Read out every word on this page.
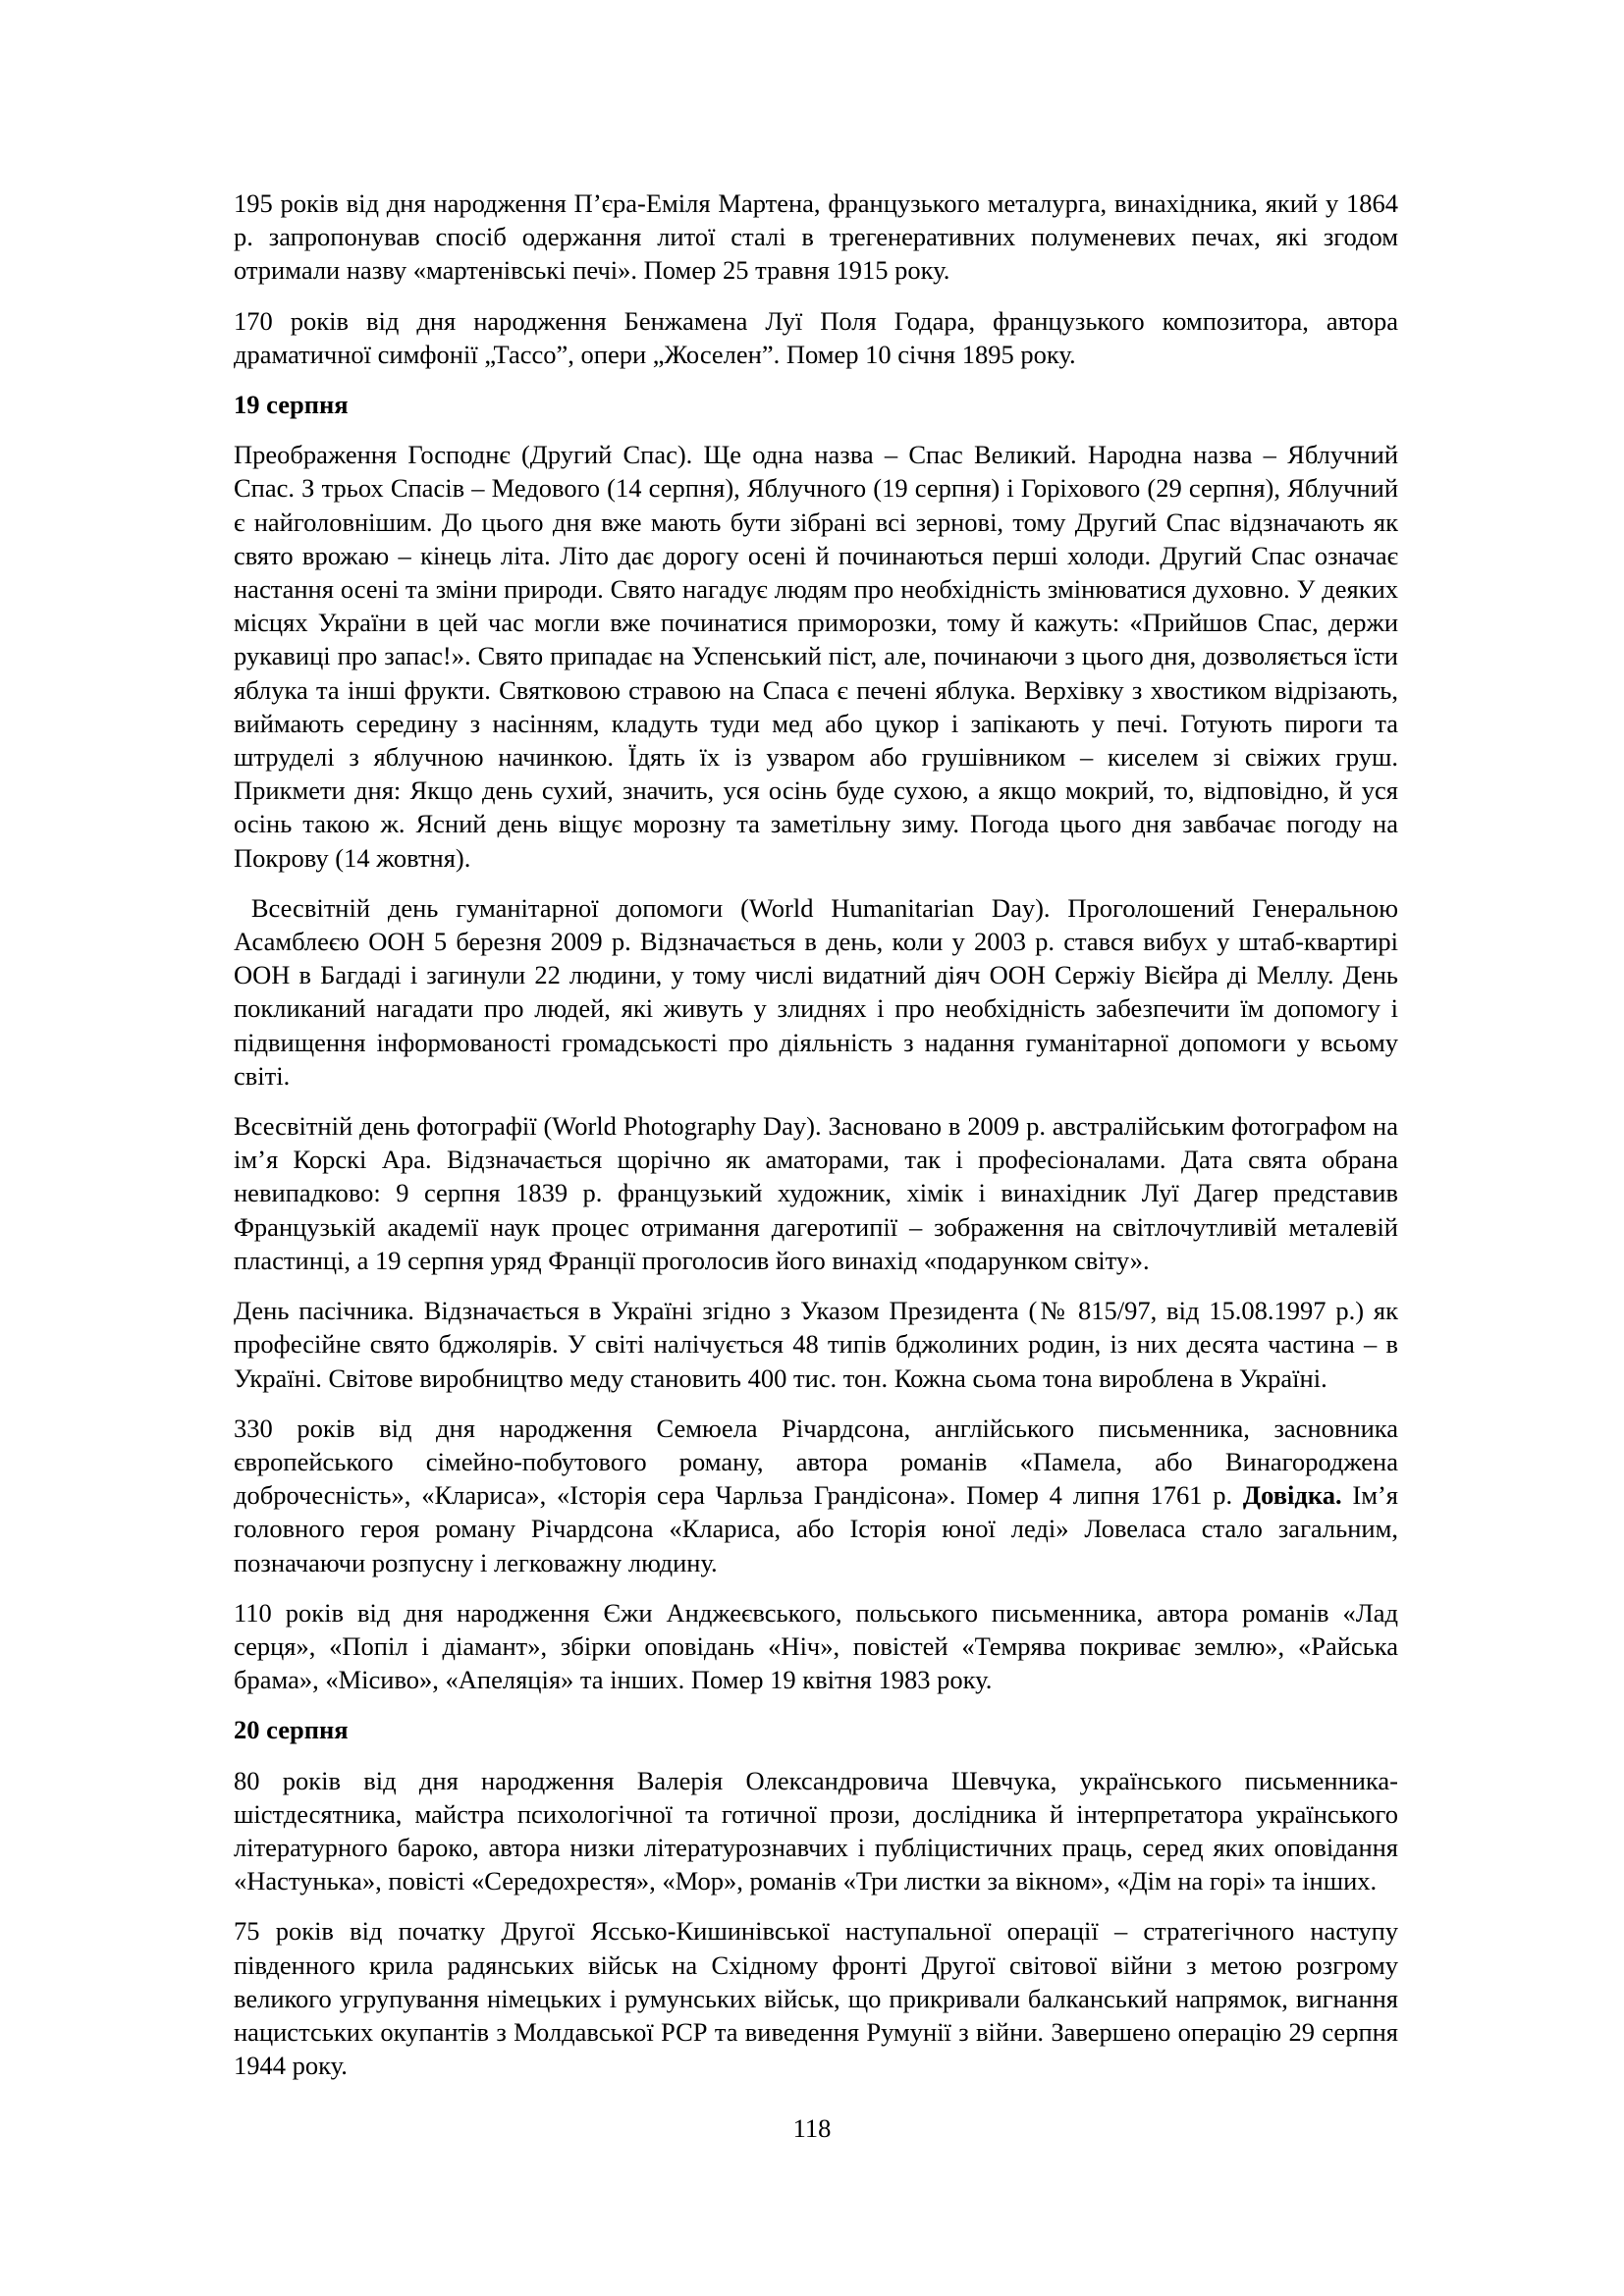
195 років від дня народження П’єра-Еміля Мартена, французького металурга, винахідника, який у 1864 р. запропонував спосіб одержання литої сталі в трегенеративних полуменевих печах, які згодом отримали назву «мартенівські печі». Помер 25 травня 1915 року.

170 років від дня народження Бенжамена Луї Поля Годара, французького композитора, автора драматичної симфонії „Тассо”, опери „Жоселен”. Помер 10 січня 1895 року.

19 серпня

Преображення Господнє (Другий Спас). Ще одна назва – Спас Великий. Народна назва – Яблучний Спас. З трьох Спасів – Медового (14 серпня), Яблучного (19 серпня) і Горіхового (29 серпня), Яблучний є найголовнішим. До цього дня вже мають бути зібрані всі зернові, тому Другий Спас відзначають як свято врожаю – кінець літа. Літо дає дорогу осені й починаються перші холоди. Другий Спас означає настання осені та зміни природи. Свято нагадує людям про необхідність змінюватися духовно. У деяких місцях України в цей час могли вже починатися приморозки, тому й кажуть: «Прийшов Спас, держи рукавиці про запас!». Свято припадає на Успенський піст, але, починаючи з цього дня, дозволяється їсти яблука та інші фрукти. Святковою стравою на Спаса є печені яблука. Верхівку з хвостиком відрізають, виймають середину з насінням, кладуть туди мед або цукор і запікають у печі. Готують пироги та штруделі з яблучною начинкою. Їдять їх із узваром або грушівником – киселем зі свіжих груш. Прикмети дня: Якщо день сухий, значить, уся осінь буде сухою, а якщо мокрий, то, відповідно, й уся осінь такою ж. Ясний день віщує морозну та заметільну зиму. Погода цього дня завбачає погоду на Покрову (14 жовтня).

Всесвітній день гуманітарної допомоги (World Humanitarian Day). Проголошений Генеральною Асамблеєю ООН 5 березня 2009 р. Відзначається в день, коли у 2003 р. стався вибух у штаб-квартирі ООН в Багдаді і загинули 22 людини, у тому числі видатний діяч ООН Сержіу Вієйра ді Меллу. День покликаний нагадати про людей, які живуть у злиднях і про необхідність забезпечити їм допомогу і підвищення інформованості громадськості про діяльність з надання гуманітарної допомоги у всьому світі.

Всесвітній день фотографії (World Photography Day). Засновано в 2009 р. австралійським фотографом на ім’я Корскі Ара. Відзначається щорічно як аматорами, так і професіоналами. Дата свята обрана невипадково: 9 серпня 1839 р. французький художник, хімік і винахідник Луї Дагер представив Французькій академії наук процес отримання дагеротипії – зображення на світлочутливій металевій пластинці, а 19 серпня уряд Франції проголосив його винахід «подарунком світу».

День пасічника. Відзначається в Україні згідно з Указом Президента (№ 815/97, від 15.08.1997 р.) як професійне свято бджолярів. У світі налічується 48 типів бджолиних родин, із них десята частина – в Україні. Світове виробництво меду становить 400 тис. тон. Кожна сьома тона вироблена в Україні.

330 років від дня народження Семюела Річардсона, англійського письменника, засновника європейського сімейно-побутового роману, автора романів «Памела, або Винагороджена доброчесність», «Клариса», «Історія сера Чарльза Грандісона». Помер 4 липня 1761 р. Довідка. Ім’я головного героя роману Річардсона «Клариса, або Історія юної леді» Ловеласа стало загальним, позначаючи розпусну і легковажну людину.

110 років від дня народження Єжи Анджеєвського, польського письменника, автора романів «Лад серця», «Попіл і діамант», збірки оповідань «Ніч», повістей «Темрява покриває землю», «Райська брама», «Місиво», «Апеляція» та інших. Помер 19 квітня 1983 року.

20 серпня

80 років від дня народження Валерія Олександровича Шевчука, українського письменника-шістдесятника, майстра психологічної та готичної прози, дослідника й інтерпретатора українського літературного бароко, автора низки літературознавчих і публіцистичних праць, серед яких оповідання «Настунька», повісті «Середохрестя», «Мор», романів «Три листки за вікном», «Дім на горі» та інших.

75 років від початку Другої Яссько-Кишинівської наступальної операції – стратегічного наступу південного крила радянських військ на Східному фронті Другої світової війни з метою розгрому великого угрупування німецьких і румунських військ, що прикривали балканський напрямок, вигнання нацистських окупантів з Молдавської РСР та виведення Румунії з війни. Завершено операцію 29 серпня 1944 року.

118
